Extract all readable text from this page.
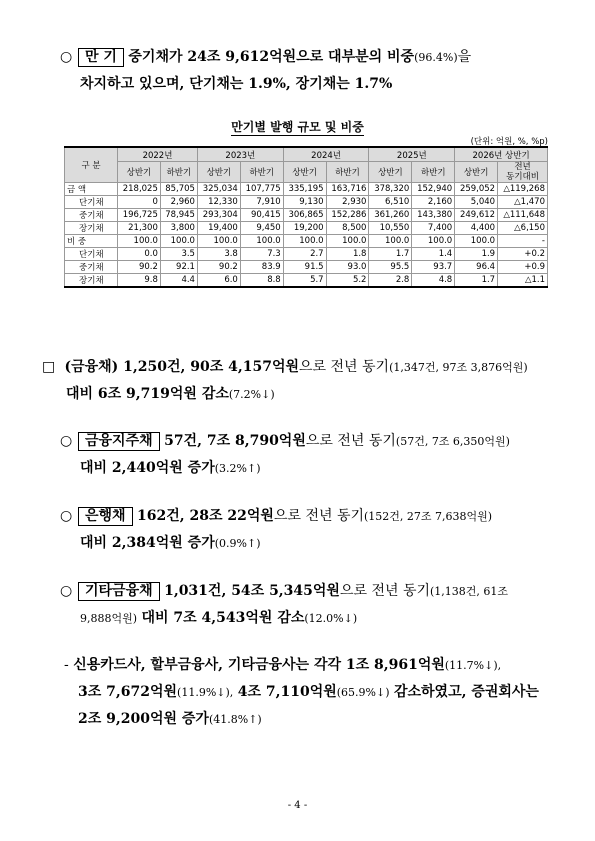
○ 만 기 중기채가 24조 9,612억원으로 대부분의 비중(96.4%)을
차지하고 있으며, 단기채는 1.9%, 장기채는 1.7%
만기별 발행 규모 및 비중
(단위: 억원, %, %p)
구 분	2022년		2023년		2024년		2025년		2026년 상반기	
	상반기	하반기	상반기	하반기	상반기	하반기	상반기	하반기	상반기	전년
동기대비
금 액	218,025	85,705	325,034	107,775	335,195	163,716	378,320	152,940	259,052	△119,268
단기채	0	2,960	12,330	7,910	9,130	2,930	6,510	2,160	5,040	△1,470
중기채	196,725	78,945	293,304	90,415	306,865	152,286	361,260	143,380	249,612	△111,648
장기채	21,300	3,800	19,400	9,450	19,200	8,500	10,550	7,400	4,400	△6,150
비 중	100.0	100.0	100.0	100.0	100.0	100.0	100.0	100.0	100.0	-
단기채	0.0	3.5	3.8	7.3	2.7	1.8	1.7	1.4	1.9	+0.2
중기채	90.2	92.1	90.2	83.9	91.5	93.0	95.5	93.7	96.4	+0.9
장기채	9.8	4.4	6.0	8.8	5.7	5.2	2.8	4.8	1.7	△1.1
□ (금융채) 1,250건, 90조 4,157억원으로 전년 동기(1,347건, 97조 3,876억원)
대비 6조 9,719억원 감소(7.2%↓)
○ 금융지주채 57건, 7조 8,790억원으로 전년 동기(57건, 7조 6,350억원)
대비 2,440억원 증가(3.2%↑)
○ 은행채 162건, 28조 22억원으로 전년 동기(152건, 27조 7,638억원)
대비 2,384억원 증가(0.9%↑)
○ 기타금융채 1,031건, 54조 5,345억원으로 전년 동기(1,138건, 61조
9,888억원) 대비 7조 4,543억원 감소(12.0%↓)
- 신용카드사, 할부금융사, 기타금융사는 각각 1조 8,961억원(11.7%↓),
3조 7,672억원(11.9%↓), 4조 7,110억원(65.9%↓) 감소하였고, 증권회사는
2조 9,200억원 증가(41.8%↑)
- 4 -
